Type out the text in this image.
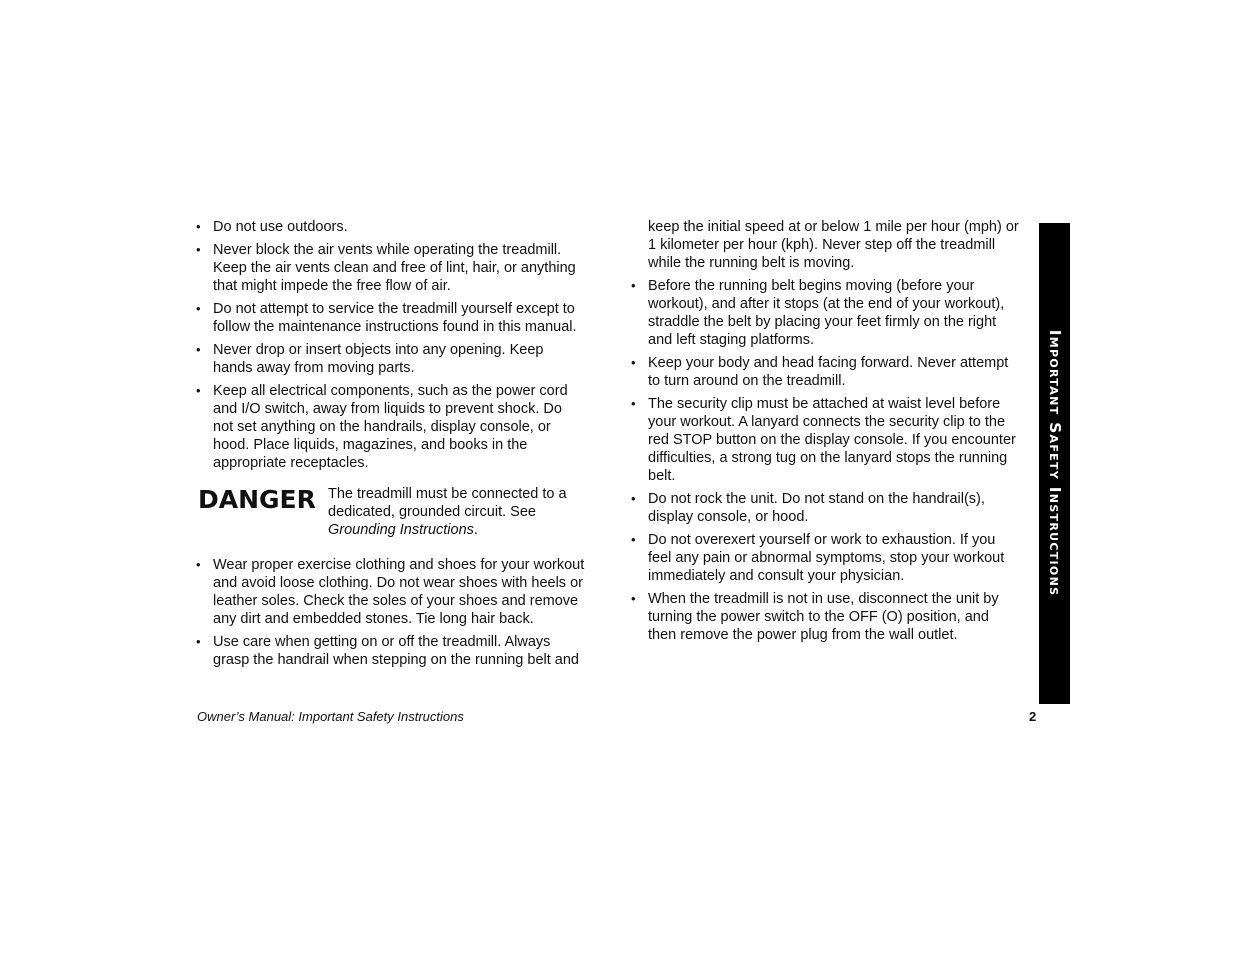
• Do not use outdoors.
• Never block the air vents while operating the treadmill. Keep the air vents clean and free of lint, hair, or anything that might impede the free flow of air.
• Do not attempt to service the treadmill yourself except to follow the maintenance instructions found in this manual.
• Never drop or insert objects into any opening. Keep hands away from moving parts.
• Keep all electrical components, such as the power cord and I/O switch, away from liquids to prevent shock. Do not set anything on the handrails, display console, or hood. Place liquids, magazines, and books in the appropriate receptacles.
DANGER The treadmill must be connected to a dedicated, grounded circuit. See Grounding Instructions.
• Wear proper exercise clothing and shoes for your workout and avoid loose clothing. Do not wear shoes with heels or leather soles. Check the soles of your shoes and remove any dirt and embedded stones. Tie long hair back.
• Use care when getting on or off the treadmill. Always grasp the handrail when stepping on the running belt and

keep the initial speed at or below 1 mile per hour (mph) or 1 kilometer per hour (kph). Never step off the treadmill while the running belt is moving.

• Before the running belt begins moving (before your workout), and after it stops (at the end of your workout), straddle the belt by placing your feet firmly on the right and left staging platforms.
• Keep your body and head facing forward. Never attempt to turn around on the treadmill.
• The security clip must be attached at waist level before your workout. A lanyard connects the security clip to the red STOP button on the display console. If you encounter difficulties, a strong tug on the lanyard stops the running belt.
• Do not rock the unit. Do not stand on the handrail(s), display console, or hood.
• Do not overexert yourself or work to exhaustion. If you feel any pain or abnormal symptoms, stop your workout immediately and consult your physician.
• When the treadmill is not in use, disconnect the unit by turning the power switch to the OFF (O) position, and then remove the power plug from the wall outlet.
Important Safety Instructions
Owner’s Manual: Important Safety Instructions	2
